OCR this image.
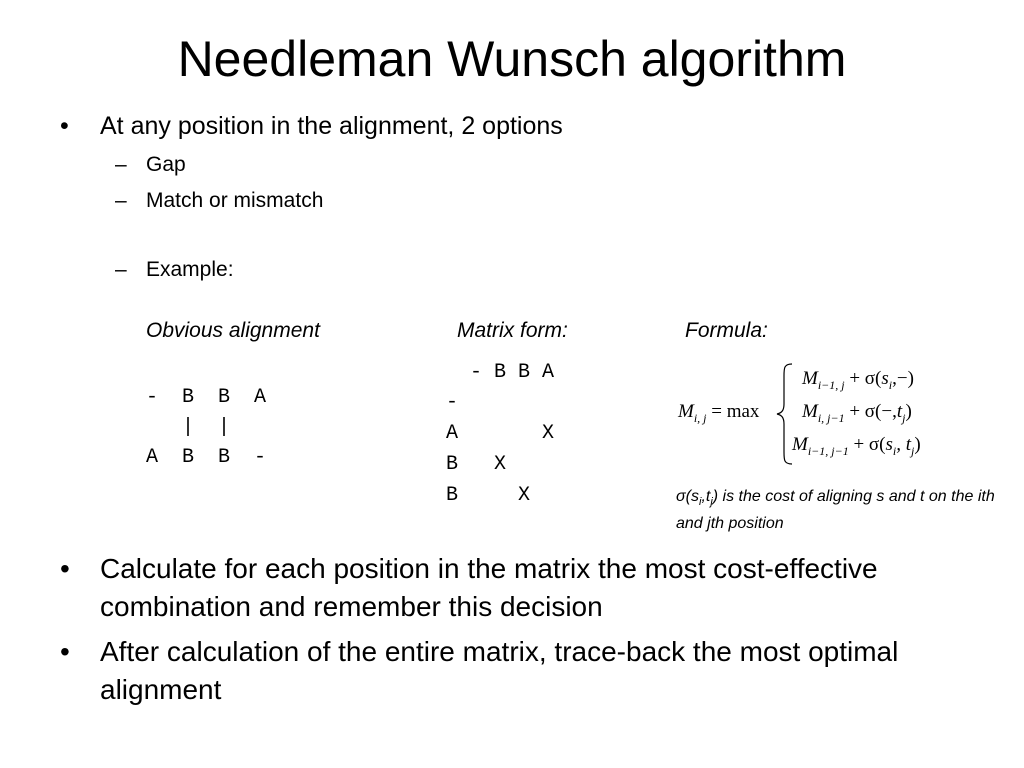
Needleman Wunsch algorithm
• At any position in the alignment, 2 options
– Gap
– Match or mismatch
– Example:
Obvious alignment	Matrix form:	Formula:
-  B  B  A
|  |
A  B  B  -
- B B A
-
A       X
B   X
B     X
$M_{i, j} = \max$
$M_{i-1, j} + \sigma(s_i,-)$
$M_{i, j-1} + \sigma(-,t_j)$
$M_{i-1, j-1} + \sigma(s_i$, $t_j$)
$\sigma(s_i,t_j)$ is the cost of aligning s and t on the ith and jth position
• Calculate for each position in the matrix the most cost-effective combination and remember this decision
• After calculation of the entire matrix, trace-back the most optimal alignment
